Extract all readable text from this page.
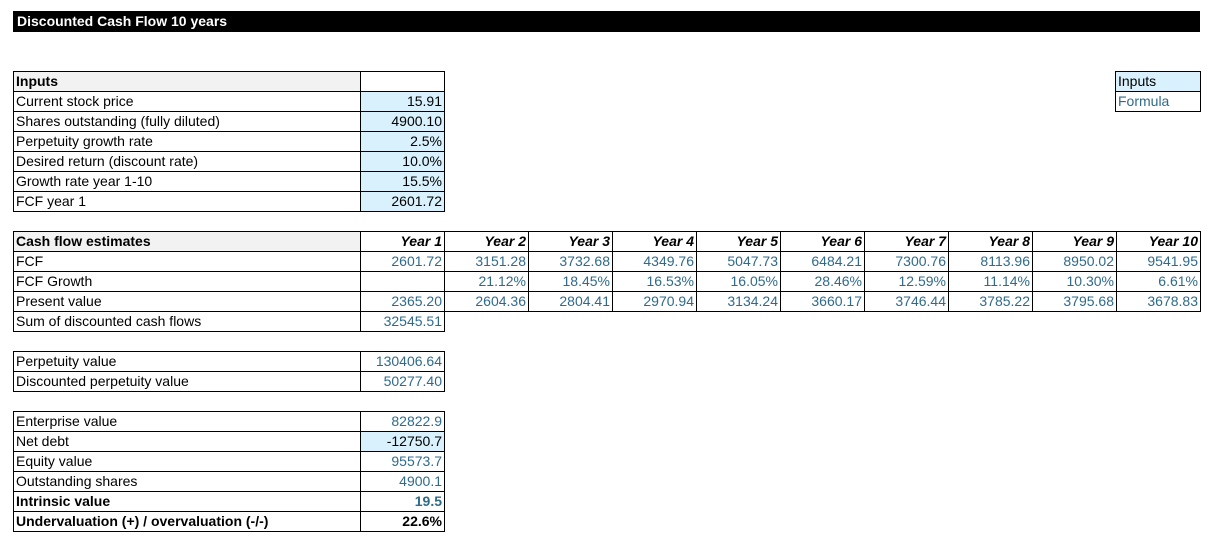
Discounted Cash Flow 10 years
Inputs	
Current stock price	15.91
Shares outstanding (fully diluted)	4900.10
Perpetuity growth rate	2.5%
Desired return (discount rate)	10.0%
Growth rate year 1-10	15.5%
FCF year 1	2601.72
Inputs
Formula
Cash flow estimates	Year 1	Year 2	Year 3	Year 4	Year 5	Year 6	Year 7	Year 8	Year 9	Year 10
FCF	2601.72	3151.28	3732.68	4349.76	5047.73	6484.21	7300.76	8113.96	8950.02	9541.95
FCF Growth		21.12%	18.45%	16.53%	16.05%	28.46%	12.59%	11.14%	10.30%	6.61%
Present value	2365.20	2604.36	2804.41	2970.94	3134.24	3660.17	3746.44	3785.22	3795.68	3678.83
Sum of discounted cash flows	32545.51
Perpetuity value	130406.64
Discounted perpetuity value	50277.40
Enterprise value	82822.9
Net debt	-12750.7
Equity value	95573.7
Outstanding shares	4900.1
Intrinsic value	19.5
Undervaluation (+) / overvaluation (-/-)	22.6%
